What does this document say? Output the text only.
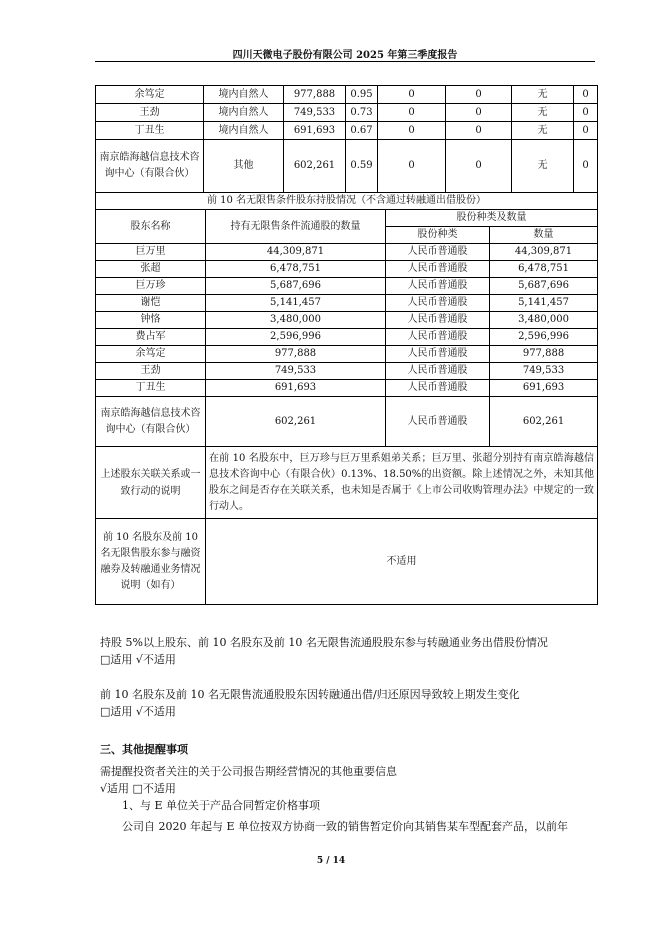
四川天微电子股份有限公司 2025 年第三季度报告
余笃定	境内自然人	977,888	0.95	0	0	无	0
王劲	境内自然人	749,533	0.73	0	0	无	0
丁丑生	境内自然人	691,693	0.67	0	0	无	0
南京皓海越信息技术咨询中心（有限合伙）	其他	602,261	0.59	0	0	无	0
前 10 名无限售条件股东持股情况（不含通过转融通出借股份）			
股东名称	持有无限售条件流通股的数量	股份种类及数量	
		股份种类	数量
巨万里	44,309,871	人民币普通股	44,309,871
张超	6,478,751	人民币普通股	6,478,751
巨万珍	5,687,696	人民币普通股	5,687,696
谢恺	5,141,457	人民币普通股	5,141,457
钟恪	3,480,000	人民币普通股	3,480,000
费占军	2,596,996	人民币普通股	2,596,996
余笃定	977,888	人民币普通股	977,888
王劲	749,533	人民币普通股	749,533
丁丑生	691,693	人民币普通股	691,693
南京皓海越信息技术咨询中心（有限合伙）	602,261	人民币普通股	602,261
上述股东关联关系或一致行动的说明	在前 10 名股东中，巨万珍与巨万里系姐弟关系；巨万里、张超分别持有南京皓海越信息技术咨询中心（有限合伙）0.13%、18.50%的出资额。除上述情况之外，未知其他股东之间是否存在关联关系，也未知是否属于《上市公司收购管理办法》中规定的一致行动人。		
前 10 名股东及前 10 名无限售股东参与融资融券及转融通业务情况说明（如有）	不适用		
持股 5%以上股东、前 10 名股东及前 10 名无限售流通股股东参与转融通业务出借股份情况
□适用 √不适用
前 10 名股东及前 10 名无限售流通股股东因转融通出借/归还原因导致较上期发生变化
□适用 √不适用
三、其他提醒事项
需提醒投资者关注的关于公司报告期经营情况的其他重要信息
√适用 □不适用
1、与 E 单位关于产品合同暂定价格事项
公司自 2020 年起与 E 单位按双方协商一致的销售暂定价向其销售某车型配套产品，以前年
5 / 14
